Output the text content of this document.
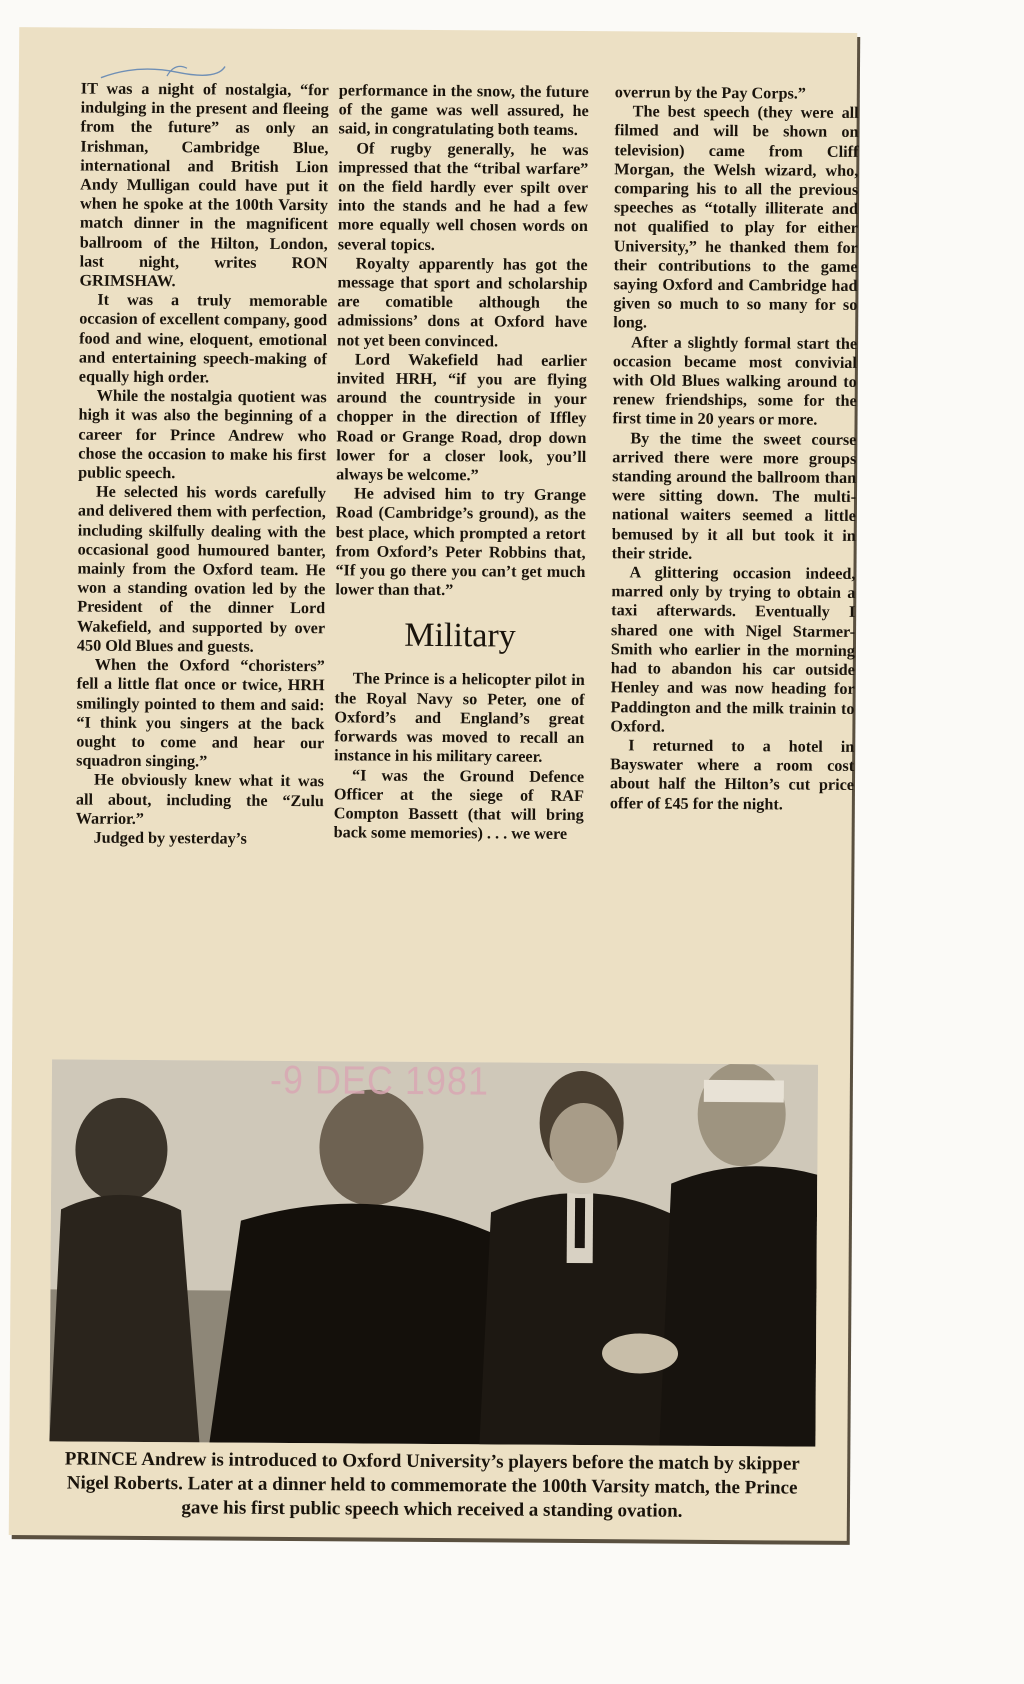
IT was a night of nostalgia, “for indulging in the present and fleeing from the future” as only an Irishman, Cambridge Blue, international and British Lion Andy Mulligan could have put it when he spoke at the 100th Varsity match dinner in the magnificent ballroom of the Hilton, London, last night, writes RON GRIMSHAW.

It was a truly memorable occasion of excellent company, good food and wine, eloquent, emotional and entertaining speech-making of equally high order.

While the nostalgia quotient was high it was also the beginning of a career for Prince Andrew who chose the occasion to make his first public speech.

He selected his words carefully and delivered them with perfection, including skilfully dealing with the occasional good humoured banter, mainly from the Oxford team. He won a standing ovation led by the President of the dinner Lord Wakefield, and supported by over 450 Old Blues and guests.

When the Oxford “choristers” fell a little flat once or twice, HRH smilingly pointed to them and said: “I think you singers at the back ought to come and hear our squadron singing.”

He obviously knew what it was all about, including the “Zulu Warrior.”

Judged by yesterday’s

performance in the snow, the future of the game was well assured, he said, in congratulating both teams.

Of rugby generally, he was impressed that the “tribal warfare” on the field hardly ever spilt over into the stands and he had a few more equally well chosen words on several topics.

Royalty apparently has got the message that sport and scholarship are comatible although the admissions’ dons at Oxford have not yet been convinced.

Lord Wakefield had earlier invited HRH, “if you are flying around the countryside in your chopper in the direction of Iffley Road or Grange Road, drop down lower for a closer look, you’ll always be welcome.”

He advised him to try Grange Road (Cambridge’s ground), as the best place, which prompted a retort from Oxford’s Peter Robbins that, “If you go there you can’t get much lower than that.”

Military

The Prince is a helicopter pilot in the Royal Navy so Peter, one of Oxford’s and England’s great forwards was moved to recall an instance in his military career.

“I was the Ground Defence Officer at the siege of RAF Compton Bassett (that will bring back some memories) . . . we were

overrun by the Pay Corps.”

The best speech (they were all filmed and will be shown on television) came from Cliff Morgan, the Welsh wizard, who, comparing his to all the previous speeches as “totally illiterate and not qualified to play for either University,” he thanked them for their contributions to the game saying Oxford and Cambridge had given so much to so many for so long.

After a slightly formal start the occasion became most convivial with Old Blues walking around to renew friendships, some for the first time in 20 years or more.

By the time the sweet course arrived there were more groups standing around the ballroom than were sitting down. The multi-national waiters seemed a little bemused by it all but took it in their stride.

A glittering occasion indeed, marred only by trying to obtain a taxi afterwards. Eventually I shared one with Nigel Starmer-Smith who earlier in the morning had to abandon his car outside Henley and was now heading for Paddington and the milk trainin to Oxford.

I returned to a hotel in Bayswater where a room cost about half the Hilton’s cut price offer of £45 for the night.

-9 DEC 1981
PRINCE Andrew is introduced to Oxford University’s players before the match by skipper Nigel Roberts. Later at a dinner held to commemorate the 100th Varsity match, the Prince gave his first public speech which received a standing ovation.
